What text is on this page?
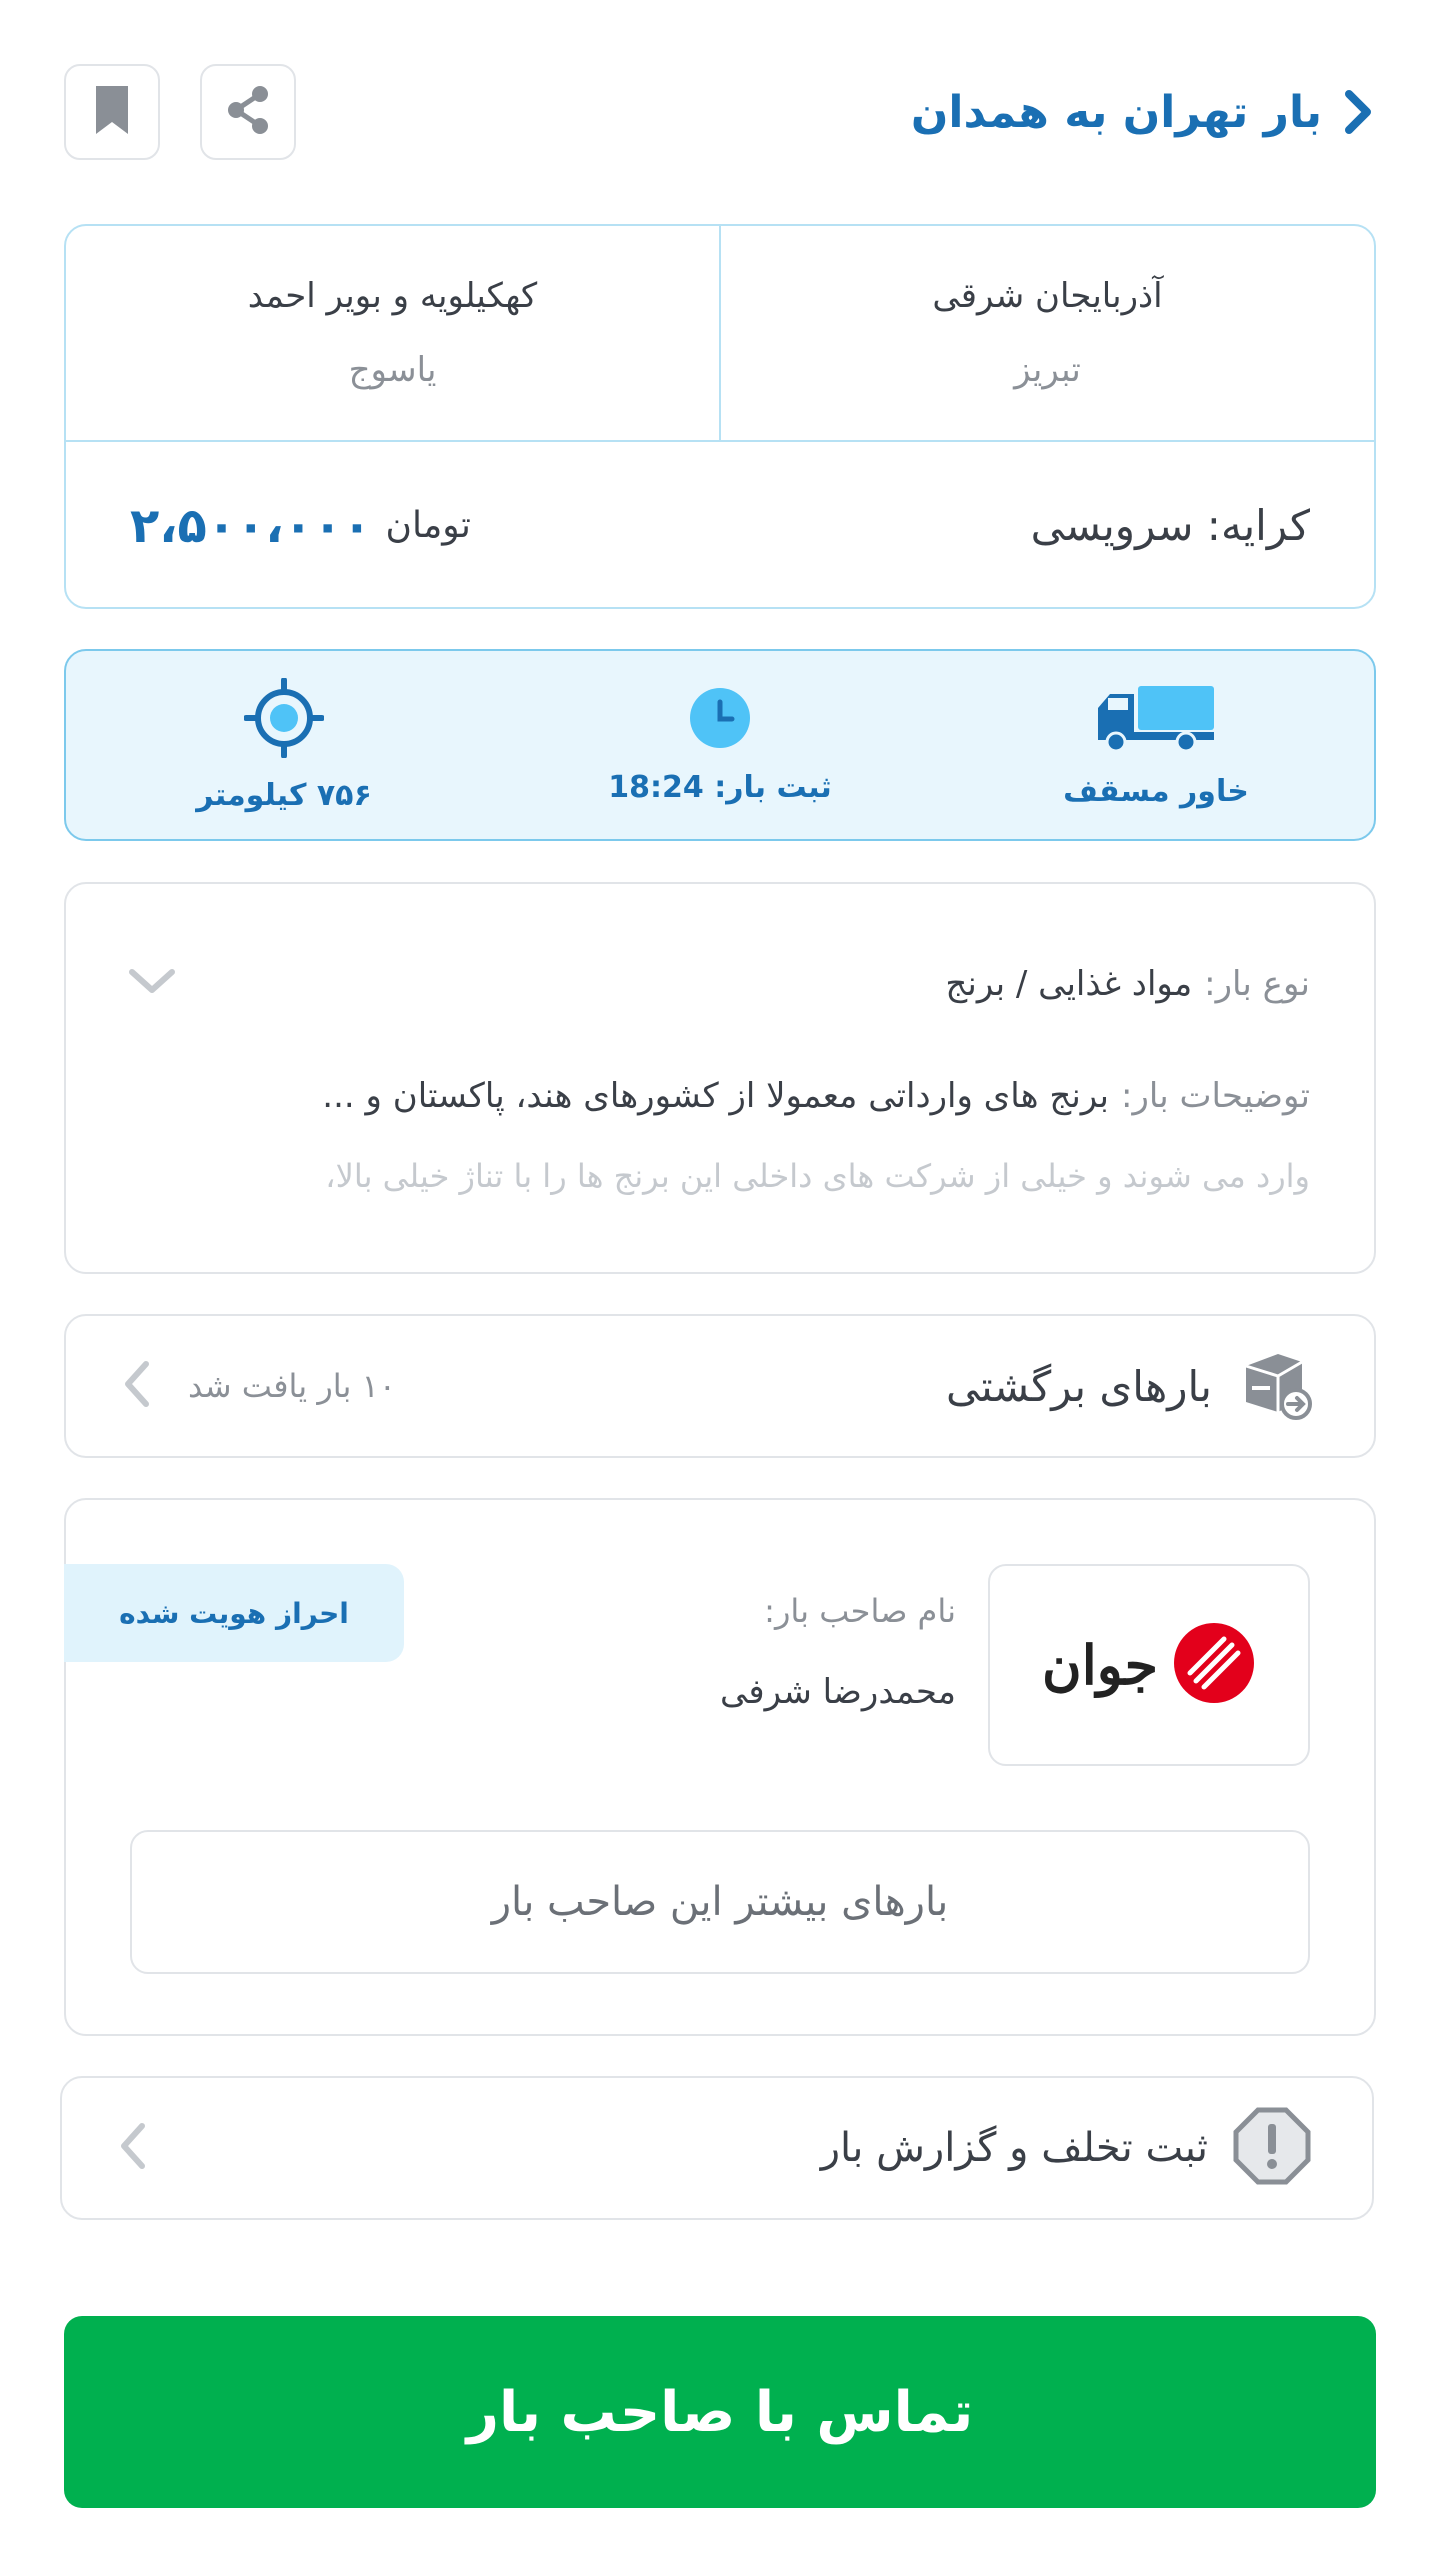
بار تهران به همدان
آذربایجان شرقی
تبریز
کهکیلویه و بویر احمد
یاسوج
کرایه: سرویسی
تومان
۲،۵۰۰،۰۰۰
خاور مسقف
ثبت بار: 18:24
۷۵۶ کیلومتر
نوع بار:
مواد غذایی / برنج
توضیحات بار:
برنج های وارداتی معمولا از کشورهای هند، پاکستان و ...
وارد می شوند و خیلی از شرکت های داخلی این برنج ها را با تناژ خیلی بالا،
بارهای برگشتی
۱۰ بار یافت شد
جوان
نام صاحب بار:
محمدرضا شرفی
احراز هویت شده
بارهای بیشتر این صاحب بار
ثبت تخلف و گزارش بار
تماس با صاحب بار
